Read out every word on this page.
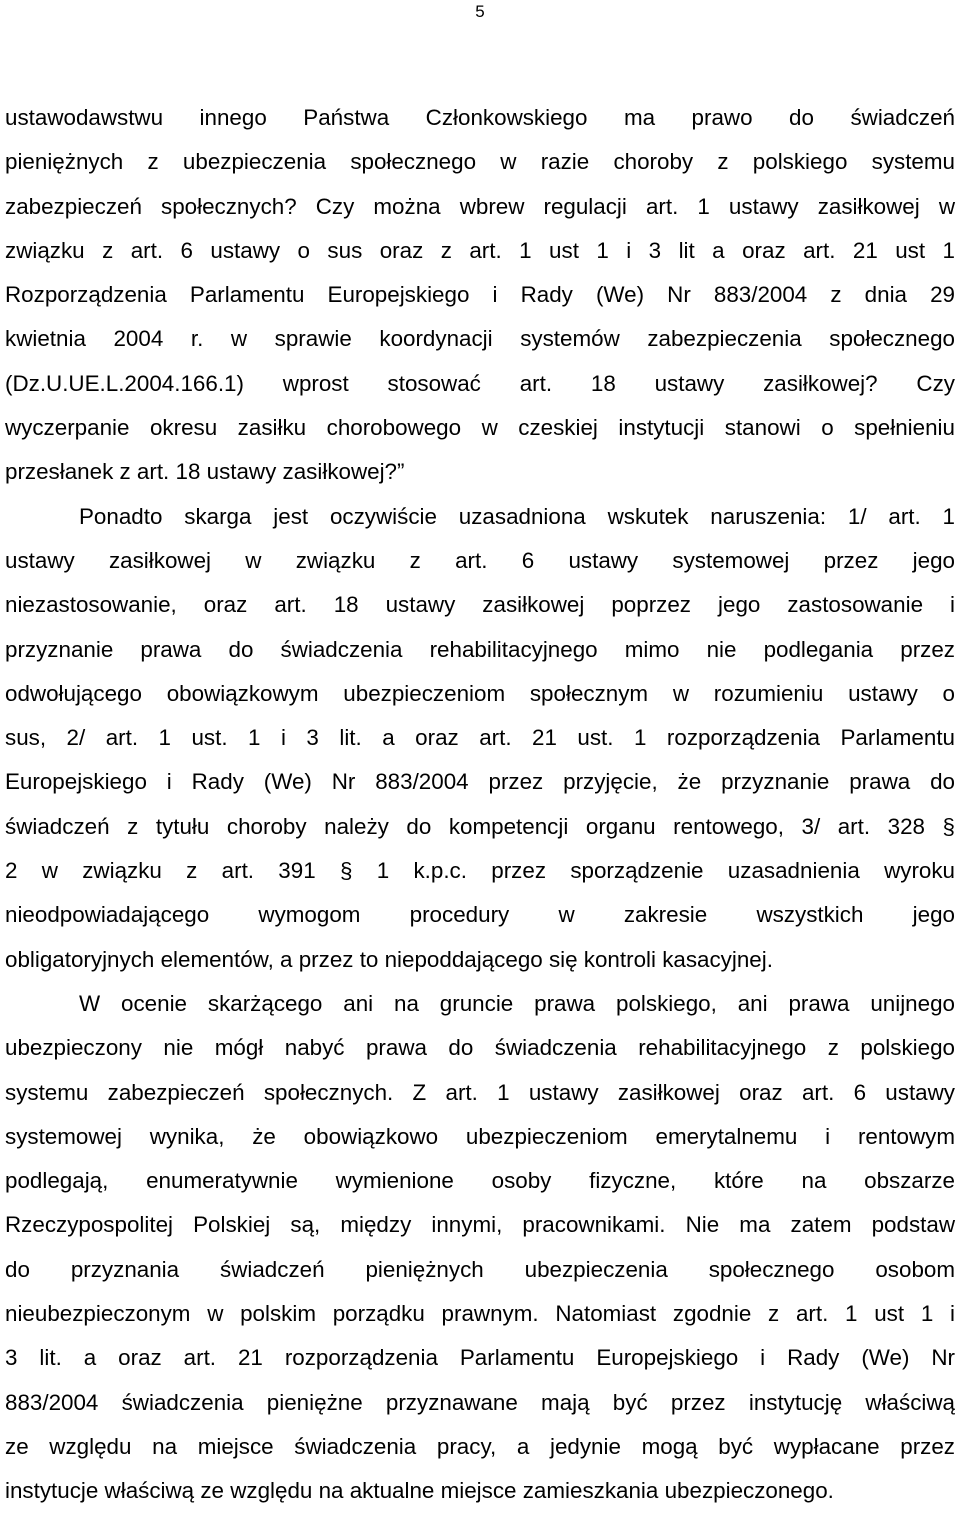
5
ustawodawstwu innego Państwa Członkowskiego ma prawo do świadczeń
pieniężnych z ubezpieczenia społecznego w razie choroby z polskiego systemu
zabezpieczeń społecznych? Czy można wbrew regulacji art. 1 ustawy zasiłkowej w
związku z art. 6 ustawy o sus oraz z art. 1 ust 1 i 3 lit a oraz art. 21 ust 1
Rozporządzenia Parlamentu Europejskiego i Rady (We) Nr 883/2004 z dnia 29
kwietnia 2004 r. w sprawie koordynacji systemów zabezpieczenia społecznego
(Dz.U.UE.L.2004.166.1) wprost stosować art. 18 ustawy zasiłkowej? Czy
wyczerpanie okresu zasiłku chorobowego w czeskiej instytucji stanowi o spełnieniu
przesłanek z art. 18 ustawy zasiłkowej?”
Ponadto skarga jest oczywiście uzasadniona wskutek naruszenia: 1/ art. 1
ustawy zasiłkowej w związku z art. 6 ustawy systemowej przez jego
niezastosowanie, oraz art. 18 ustawy zasiłkowej poprzez jego zastosowanie i
przyznanie prawa do świadczenia rehabilitacyjnego mimo nie podlegania przez
odwołującego obowiązkowym ubezpieczeniom społecznym w rozumieniu ustawy o
sus, 2/ art. 1 ust. 1 i 3 lit. a oraz art. 21 ust. 1 rozporządzenia Parlamentu
Europejskiego i Rady (We) Nr 883/2004 przez przyjęcie, że przyznanie prawa do
świadczeń z tytułu choroby należy do kompetencji organu rentowego, 3/ art. 328 §
2 w związku z art. 391 § 1 k.p.c. przez sporządzenie uzasadnienia wyroku
nieodpowiadającego wymogom procedury w zakresie wszystkich jego
obligatoryjnych elementów, a przez to niepoddającego się kontroli kasacyjnej.
W ocenie skarżącego ani na gruncie prawa polskiego, ani prawa unijnego
ubezpieczony nie mógł nabyć prawa do świadczenia rehabilitacyjnego z polskiego
systemu zabezpieczeń społecznych. Z art. 1 ustawy zasiłkowej oraz art. 6 ustawy
systemowej wynika, że obowiązkowo ubezpieczeniom emerytalnemu i rentowym
podlegają, enumeratywnie wymienione osoby fizyczne, które na obszarze
Rzeczypospolitej Polskiej są, między innymi, pracownikami. Nie ma zatem podstaw
do przyznania świadczeń pieniężnych ubezpieczenia społecznego osobom
nieubezpieczonym w polskim porządku prawnym. Natomiast zgodnie z art. 1 ust 1 i
3 lit. a oraz art. 21 rozporządzenia Parlamentu Europejskiego i Rady (We) Nr
883/2004 świadczenia pieniężne przyznawane mają być przez instytucję właściwą
ze względu na miejsce świadczenia pracy, a jedynie mogą być wypłacane przez
instytucje właściwą ze względu na aktualne miejsce zamieszkania ubezpieczonego.
